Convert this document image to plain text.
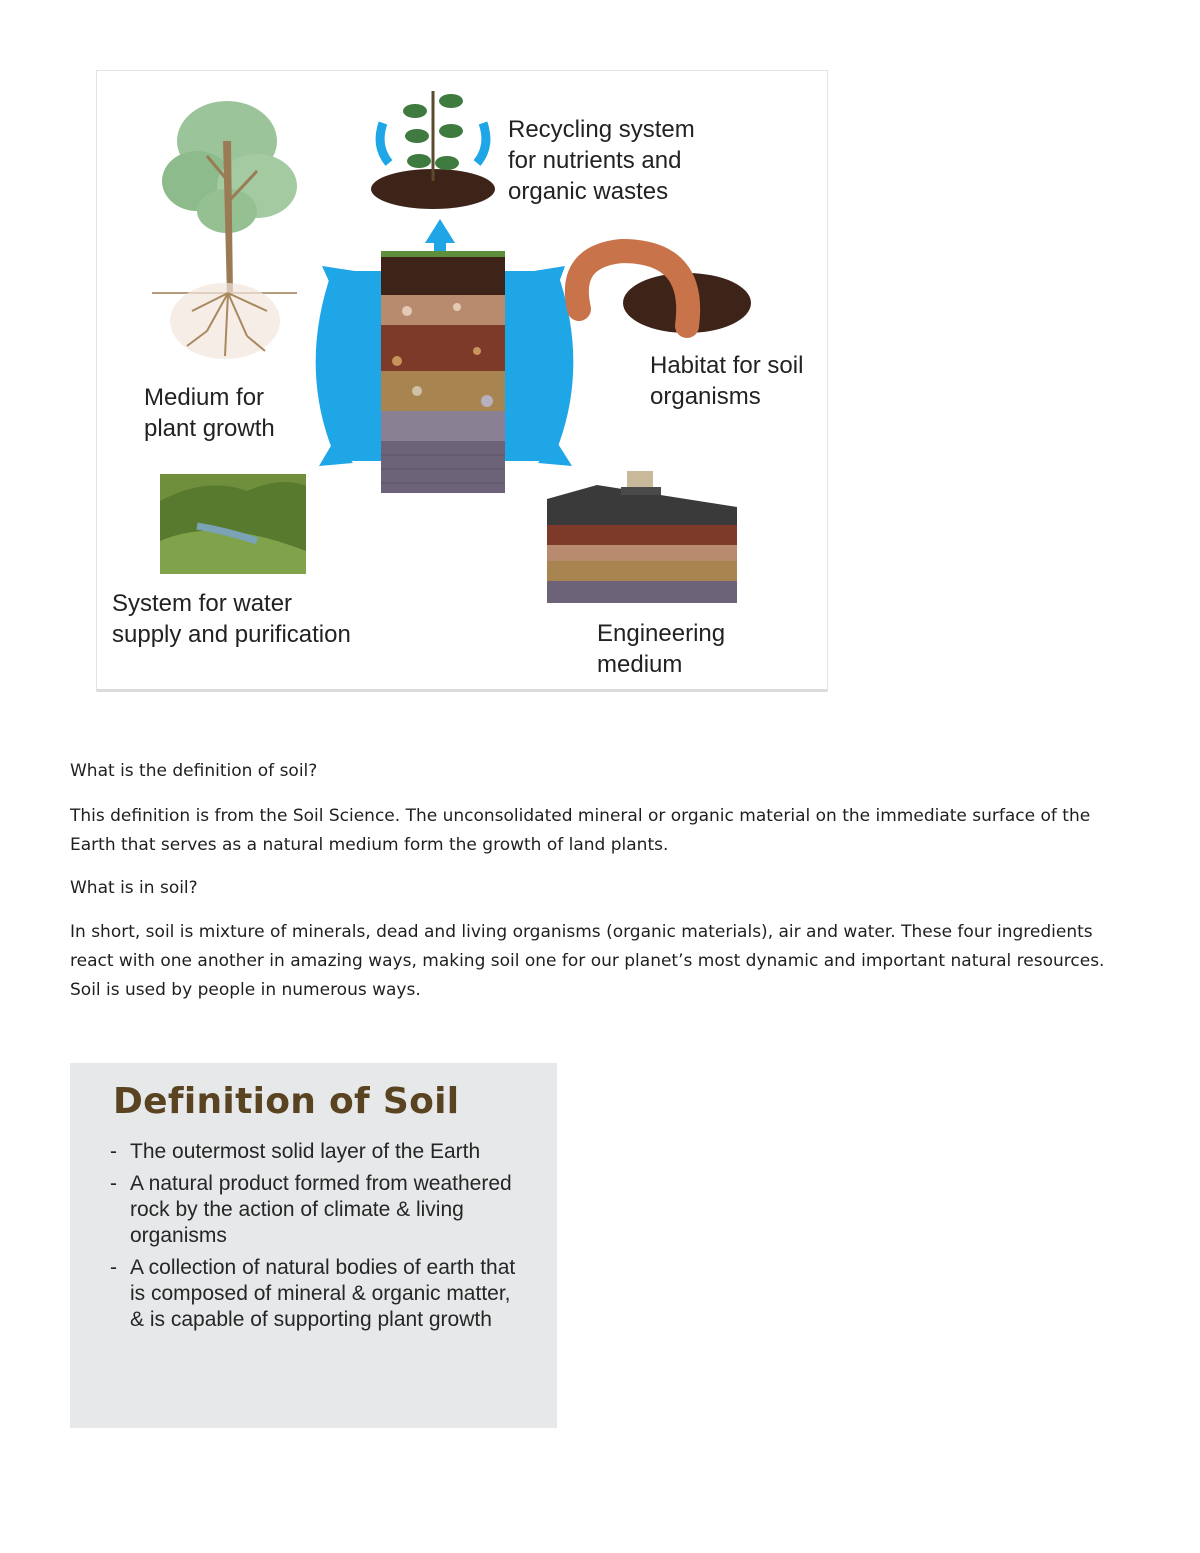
Recycling system
for nutrients and
organic wastes
Habitat for soil
organisms
Medium for
plant growth
System for water
supply and purification	Engineering
medium

What is the definition of soil?

This definition is from the Soil Science. The unconsolidated mineral or organic material on the immediate surface of the Earth that serves as a natural medium form the growth of land plants.

What is in soil?

In short, soil is mixture of minerals, dead and living organisms (organic materials), air and water. These four ingredients react with one another in amazing ways, making soil one for our planet’s most dynamic and important natural resources. Soil is used by people in numerous ways.

Definition of Soil
- The outermost solid layer of the Earth
- A natural product formed from weathered rock by the action of climate & living organisms
- A collection of natural bodies of earth that is composed of mineral & organic matter, & is capable of supporting plant growth
